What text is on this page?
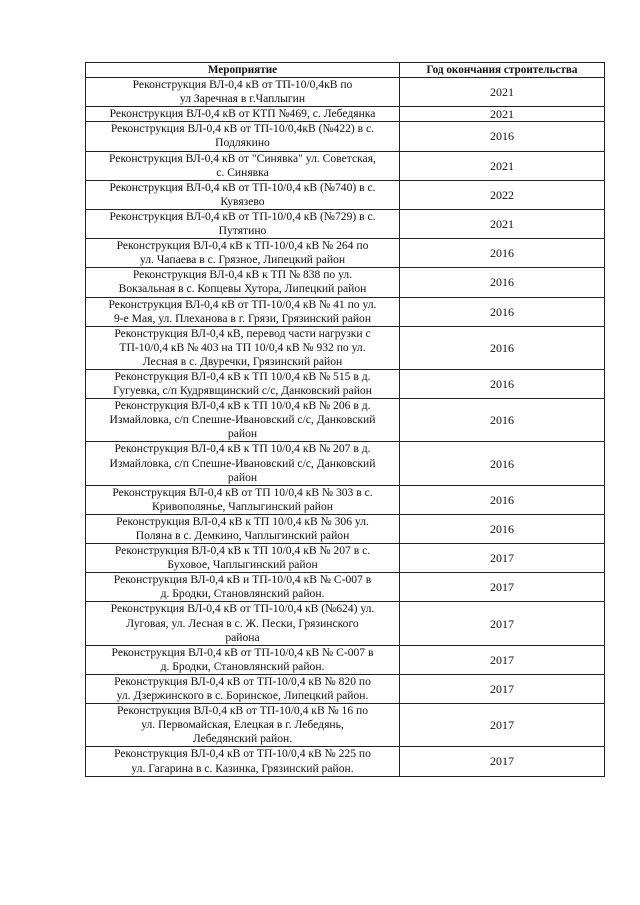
Мероприятие	Год окончания строительства

Реконструкция ВЛ-0,4 кВ от ТП-10/0,4кВ по
ул Заречная в г.Чаплыгин	2021

Реконструкция ВЛ-0,4 кВ от КТП №469, с. Лебедянка	2021

Реконструкция ВЛ-0,4 кВ от ТП-10/0,4кВ (№422) в с.
Подлякино	2016

Реконструкция ВЛ-0,4 кВ от "Синявка" ул. Советская,
с. Синявка	2021

Реконструкция ВЛ-0,4 кВ от ТП-10/0,4 кВ (№740) в с.
Кувязево	2022

Реконструкция ВЛ-0,4 кВ от ТП-10/0,4 кВ (№729) в с.
Путятино	2021

Реконструкция ВЛ-0,4 кВ к ТП-10/0,4 кВ № 264 по
ул. Чапаева в с. Грязное, Липецкий район	2016

Реконструкция ВЛ-0,4 кВ к ТП № 838 по ул.
Вокзальная в с. Копцевы Хутора, Липецкий район	2016

Реконструкция ВЛ-0,4 кВ от ТП-10/0,4 кВ № 41 по ул.
9-е Мая, ул. Плеханова в г. Грязи, Грязинский район	2016

Реконструкция ВЛ-0,4 кВ, перевод части нагрузки с
ТП-10/0,4 кВ № 403 на ТП 10/0,4 кВ № 932 по ул.
Лесная в с. Двуречки, Грязинский район	2016

Реконструкция ВЛ-0,4 кВ к ТП 10/0,4 кВ № 515 в д.
Гугуевка, с/п Кудрявщинский с/с, Данковский район	2016

Реконструкция ВЛ-0,4 кВ к ТП 10/0,4 кВ № 206 в д.
Измайловка, с/п Спешне-Ивановский с/с, Данковский
район	2016

Реконструкция ВЛ-0,4 кВ к ТП 10/0,4 кВ № 207 в д.
Измайловка, с/п Спешне-Ивановский с/с, Данковский
район	2016

Реконструкция ВЛ-0,4 кВ от ТП 10/0,4 кВ № 303 в с.
Кривополянье, Чаплыгинский район	2016

Реконструкция ВЛ-0,4 кВ к ТП 10/0,4 кВ № 306 ул.
Поляна в с. Демкино, Чаплыгинский район	2016

Реконструкция ВЛ-0,4 кВ к ТП 10/0,4 кВ № 207 в с.
Буховое, Чаплыгинский район	2017

Реконструкция ВЛ-0,4 кВ и ТП-10/0,4 кВ № С-007 в
д. Бродки, Становлянский район.	2017

Реконструкция ВЛ-0,4 кВ от ТП-10/0,4 кВ (№624) ул.
Луговая, ул. Лесная в с. Ж. Пески, Грязинского
района	2017

Реконструкция ВЛ-0,4 кВ от ТП-10/0,4 кВ № С-007 в
д. Бродки, Становлянский район.	2017

Реконструкция ВЛ-0,4 кВ от ТП-10/0,4 кВ № 820 по
ул. Дзержинского в с. Боринское, Липецкий район.	2017

Реконструкция ВЛ-0,4 кВ от ТП-10/0,4 кВ № 16 по
ул. Первомайская, Елецкая в г. Лебедянь,
Лебедянский район.	2017

Реконструкция ВЛ-0,4 кВ от ТП-10/0,4 кВ № 225 по
ул. Гагарина в с. Казинка, Грязинский район.	2017
